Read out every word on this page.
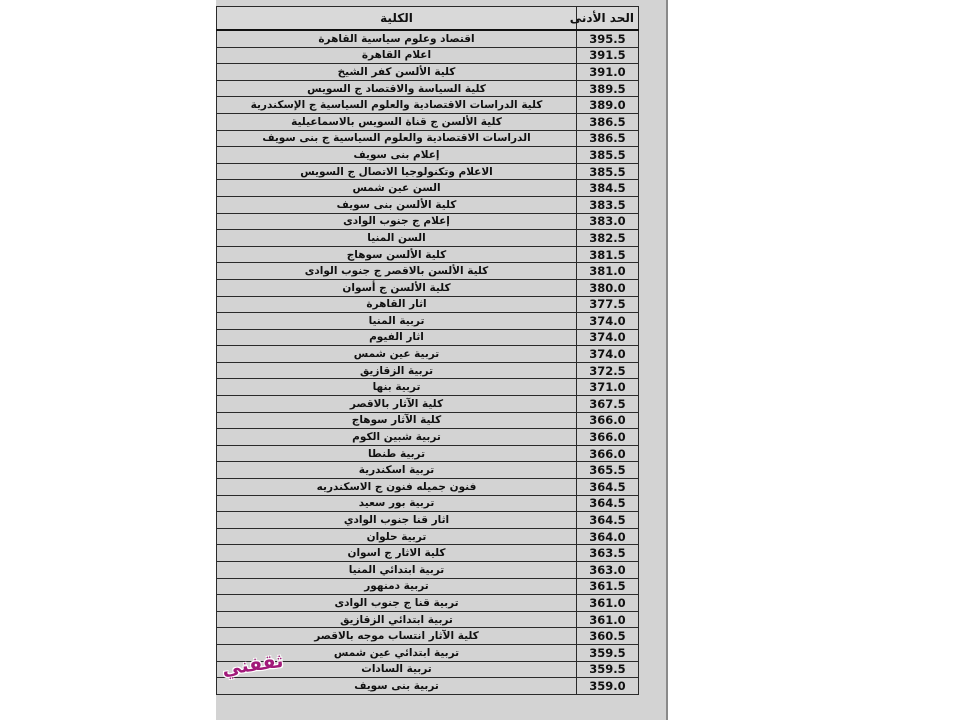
الحد الأدنى	الكلية
395.5	اقتصاد وعلوم سياسية القاهرة
391.5	اعلام القاهرة
391.0	كلية الألسن كفر الشيخ
389.5	كلية السياسة والاقتصاد ج السويس
389.0	كلية الدراسات الاقتصادية والعلوم السياسية ج الإسكندرية
386.5	كلية الألسن ج قناة السويس بالاسماعيلية
386.5	الدراسات الاقتصادية والعلوم السياسية ج بنى سويف
385.5	إعلام بنى سويف
385.5	الاعلام وتكنولوجيا الاتصال ج السويس
384.5	السن عين شمس
383.5	كلية الألسن بنى سويف
383.0	إعلام ج جنوب الوادى
382.5	السن المنيا
381.5	كلية الألسن سوهاج
381.0	كلية الألسن بالاقصر ج جنوب الوادى
380.0	كلية الألسن ج أسوان
377.5	اثار القاهرة
374.0	تربية المنيا
374.0	اثار الفيوم
374.0	تربية عين شمس
372.5	تربية الزقازيق
371.0	تربية بنها
367.5	كلية الآثار بالاقصر
366.0	كلية الآثار سوهاج
366.0	تربية شبين الكوم
366.0	تربية طنطا
365.5	تربية اسكندرية
364.5	فنون جميله فنون ج الاسكندريه
364.5	تربية بور سعيد
364.5	اثار قنا جنوب الوادي
364.0	تربية حلوان
363.5	كلية الاثار ج اسوان
363.0	تربية ابتدائي المنيا
361.5	تربية دمنهور
361.0	تربية قنا ج جنوب الوادى
361.0	تربية ابتدائي الزقازيق
360.5	كلية الآثار انتساب موجه بالاقصر
359.5	تربية ابتدائي عين شمس
359.5	تربية السادات
359.0	تربية بنى سويف
ثقفني
